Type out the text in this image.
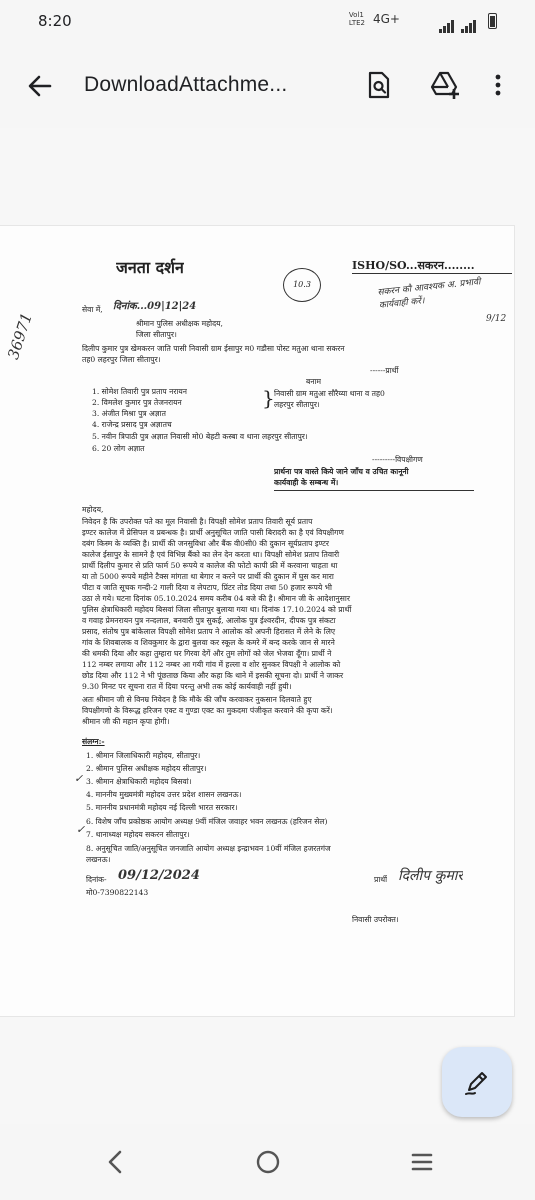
8:20	Vol1
LTE2 4G+
DownloadAttachme...
जनता दर्शन
10.3
ISHO/SO...सकरन........
सकरन कौ आवश्यक अ. प्रभावी कार्यवाही करें।
9/12
36971
सेवा में, दिनांक...09|12|24
श्रीमान पुलिस अधीक्षक महोदय,
जिला सीतापुर।
दिलीप कुमार पुत्र खेमकरन जाति पासी निवासी ग्राम ईसापुर म0 गडौसा पोस्ट मतुआ थाना सकरन
तह0 लहरपुर जिला सीतापुर।
------प्रार्थी
बनाम
1. सोमेश तिवारी पुत्र प्रताप नरायन
2. विमलेश कुमार पुत्र तेजनरायन
3. अंजीत मिश्रा पुत्र अज्ञात
4. राजेन्द्र प्रसाद पुत्र अज्ञातच
5. नवीन त्रिपाठी पुत्र अज्ञात निवासी मो0 बेहटी कस्बा व थाना लहरपुर सीतापुर।
6. 20 लोग अज्ञात
} निवासी ग्राम मतुआ सौरैय्या थाना व तह0
लहरपुर सीतापुर।
---------विपक्षीगण
प्रार्थना पत्र वास्ते किये जाने जाँच व उचित कानूनी
कार्यवाही के सम्बन्ध में।
महोदय,
निवेदन है कि उपरोक्त पते का मूल निवासी है। विपक्षी सोमेश प्रताप तिवारी सूर्य प्रताप
इण्टर कालेज में प्रेसिपल व प्रबन्धक है। प्रार्थी अनुसूचित जाति पासी बिरादरी का है एवं विपक्षीगण
दबंग किस्म के व्यक्ति है। प्रार्थी की जनसुविधा और बैंक वी0सी0 की दुकान सूर्यप्रताप इण्टर
कालेज ईसापुर के सामने है एवं विभिन्न बैंको का लेन देन करता था। विपक्षी सोमेश प्रताप तिवारी
प्रार्थी दिलीप कुमार से प्रति फार्म 50 रूपये व कालेज की फोटो कापी फ्री में करवाना चाहता था
या तो 5000 रूपये महीने टैक्स मांगता था बेगार न करने पर प्रार्थी की दुकान में घुस कर मारा
पीटा व जाति सूचक गन्दी-2 गाली दिया व लेपटाप, प्रिंटर तोड दिया तथा 50 हजार रूपये भी
उठा ले गये। घटना दिनांक 05.10.2024 समय करीब 04 बजे की है। श्रीमान जी के आदेशानुसार
पुलिस क्षेत्राधिकारी महोदय बिसवां जिला सीतापुर बुलाया गया था। दिनांक 17.10.2024 को प्रार्थी
व गवाह प्रेमनरायन पुत्र नन्दलाल, बनवारी पुत्र सुकई, आलोक पुत्र ईश्वरदीन, दीपक पुत्र संकटा
प्रसाद, संतोष पुत्र बांकेलाल विपक्षी सोमेश प्रताप ने आलोक को अपनी हिरासत में लेने के लिए
गांव के शिवबालक व शिवकुमार के द्वारा बुलवा कर स्कूल के कमरे में बन्द करके जान से मारने
की धमकी दिया और कहा तुम्हारा घर गिरवा देगें और तुम लोगों को जेल भेजवा दूँगा। प्रार्थी ने
112 नम्बर लगाया और 112 नम्बर आ गयी गांव में हल्ला व शोर सुनकर विपक्षी ने आलोक को
छोड दिया और 112 ने भी पूंछताछ किया और कहा कि थाने में इसकी सूचना दो। प्रार्थी ने जाकर
9.30 मिनट पर सूचना रात में दिया परन्तु अभी तक कोई कार्यवाही नहीं हुयी।
अतः श्रीमान जी से विनम्र निवेदन है कि मौके की जाँच करवाकर नुकसान दिलवाते हुए
विपक्षीगणो के विरूद्ध हरिजन एक्ट व गुण्डा एक्ट का मुकदमा पंजीकृत करवाने की कृपा करें।
श्रीमान जी की महान कृपा होगी।
संलग्न:-
1. श्रीमान जिलाधिकारी महोदय, सीतापुर।
2. श्रीमान पुलिस अधीक्षक महोदय सीतापुर।
3. श्रीमान क्षेत्राधिकारी महोदय बिसवां।
4. माननीय मुख्यमंत्री महोदय उत्तर प्रदेश शासन लखनऊ।
5. माननीय प्रधानमंत्री महोदय नई दिल्ली भारत सरकार।
6. विशेष जाँच प्रकोष्ठक आयोग अध्यक्ष 9वीं मंजिल जवाहर भवन लखनऊ (हरिजन सेल)
7. थानाध्यक्ष महोदय सकरन सीतापुर।
8. अनुसूचित जाति/अनुसूचित जनजाति आयोग अध्यक्ष इन्द्राभवन 10वीं मंजिल हजरतगंज
लखनऊ।
✓
✓
दिनांक- 09/12/2024
मो0-7390822143
प्रार्थी दिलीप कुमार
निवासी उपरोक्त।
